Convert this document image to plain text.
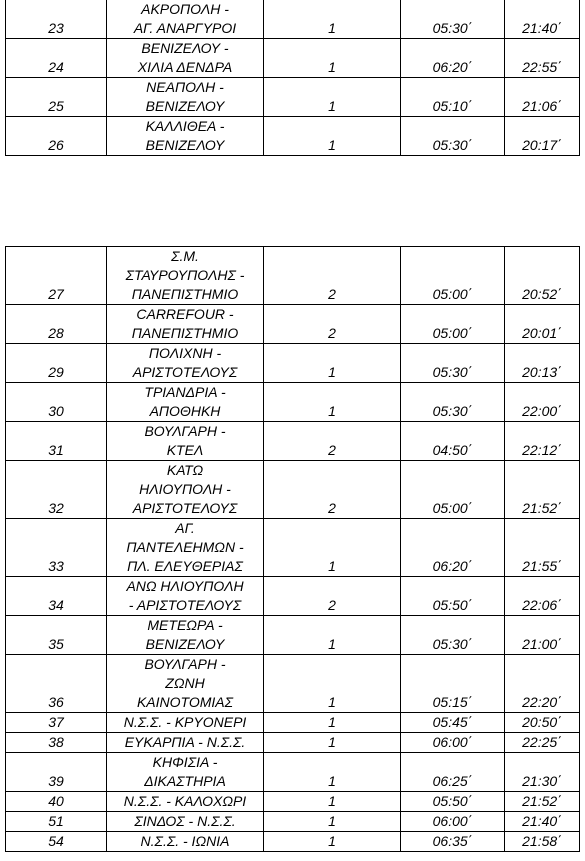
23	ΑΚΡΟΠΟΛΗ -
ΑΓ. ΑΝΑΡΓΥΡΟΙ	1	05:30΄	21:40΄
24	ΒΕΝΙΖΕΛΟΥ -
ΧΙΛΙΑ ΔΕΝΔΡΑ	1	06:20΄	22:55΄
25	ΝΕΑΠΟΛΗ -
ΒΕΝΙΖΕΛΟΥ	1	05:10΄	21:06΄
26	ΚΑΛΛΙΘΕΑ -
ΒΕΝΙΖΕΛΟΥ	1	05:30΄	20:17΄
27	Σ.Μ.
ΣΤΑΥΡΟΥΠΟΛΗΣ -
ΠΑΝΕΠΙΣΤΗΜΙΟ	2	05:00΄	20:52΄
28	CARREFOUR -
ΠΑΝΕΠΙΣΤΗΜΙΟ	2	05:00΄	20:01΄
29	ΠΟΛΙΧΝΗ -
ΑΡΙΣΤΟΤΕΛΟΥΣ	1	05:30΄	20:13΄
30	ΤΡΙΑΝΔΡΙΑ -
ΑΠΟΘΗΚΗ	1	05:30΄	22:00΄
31	ΒΟΥΛΓΑΡΗ -
ΚΤΕΛ	2	04:50΄	22:12΄
32	ΚΑΤΩ
ΗΛΙΟΥΠΟΛΗ -
ΑΡΙΣΤΟΤΕΛΟΥΣ	2	05:00΄	21:52΄
33	ΑΓ.
ΠΑΝΤΕΛΕΗΜΩΝ -
ΠΛ. ΕΛΕΥΘΕΡΙΑΣ	1	06:20΄	21:55΄
34	ΑΝΩ ΗΛΙΟΥΠΟΛΗ
- ΑΡΙΣΤΟΤΕΛΟΥΣ	2	05:50΄	22:06΄
35	ΜΕΤΕΩΡΑ -
ΒΕΝΙΖΕΛΟΥ	1	05:30΄	21:00΄
36	ΒΟΥΛΓΑΡΗ -
ΖΩΝΗ
ΚΑΙΝΟΤΟΜΙΑΣ	1	05:15΄	22:20΄
37	Ν.Σ.Σ. - ΚΡΥΟΝΕΡΙ	1	05:45΄	20:50΄
38	ΕΥΚΑΡΠΙΑ - Ν.Σ.Σ.	1	06:00΄	22:25΄
39	ΚΗΦΙΣΙΑ -
ΔΙΚΑΣΤΗΡΙΑ	1	06:25΄	21:30΄
40	Ν.Σ.Σ. - ΚΑΛΟΧΩΡΙ	1	05:50΄	21:52΄
51	ΣΙΝΔΟΣ - Ν.Σ.Σ.	1	06:00΄	21:40΄
54	Ν.Σ.Σ. - ΙΩΝΙΑ	1	06:35΄	21:58΄
